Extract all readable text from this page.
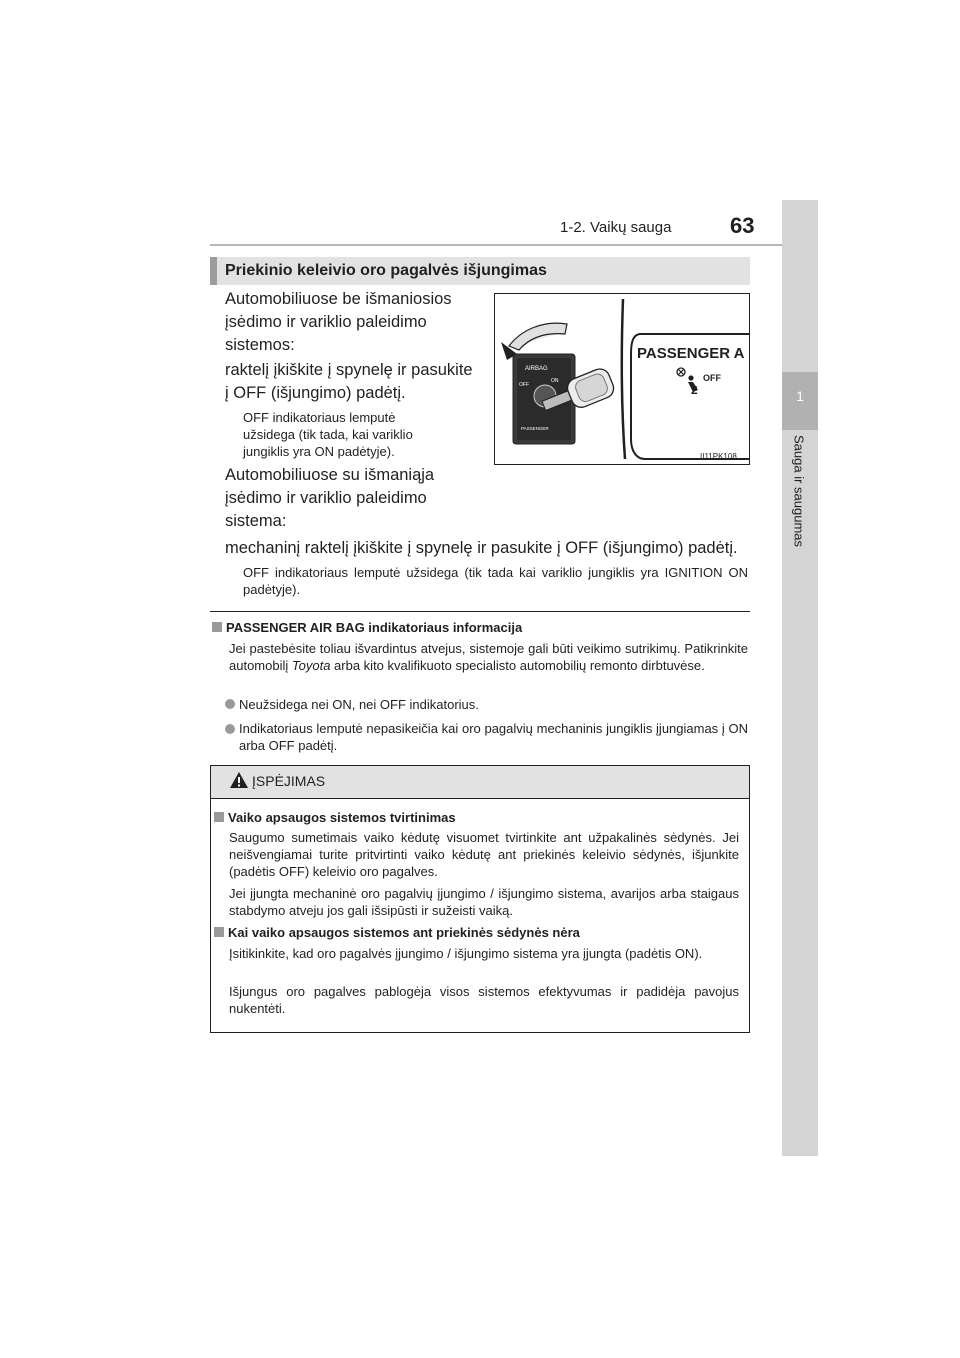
1-2. Vaikų sauga	63
1
Sauga ir saugumas
Priekinio keleivio oro pagalvės išjungimas
Automobiliuose be išmaniosios
įsėdimo ir variklio paleidimo
sistemos:
raktelį įkiškite į spynelę ir pasukite
į OFF (išjungimo) padėtį.
OFF indikatoriaus lemputė
užsidega (tik tada, kai variklio
jungiklis yra ON padėtyje).
Automobiliuose su išmaniąja
įsėdimo ir variklio paleidimo
sistema:
mechaninį raktelį įkiškite į spynelę ir pasukite į OFF (išjungimo) padėtį.
OFF indikatoriaus lemputė užsidega (tik tada kai variklio jungiklis yra IGNITION ON padėtyje).
AIRBAG
OFF
ON
PASSENGER
PASSENGER A
2
OFF
II11PK108
PASSENGER AIR BAG indikatoriaus informacija
Jei pastebėsite toliau išvardintus atvejus, sistemoje gali būti veikimo sutrikimų. Patikrinkite automobilį Toyota arba kito kvalifikuoto specialisto automobilių remonto dirbtuvėse.
Neužsidega nei ON, nei OFF indikatorius.
Indikatoriaus lemputė nepasikeičia kai oro pagalvių mechaninis jungiklis įjungiamas į ON arba OFF padėtį.
ĮSPĖJIMAS
Vaiko apsaugos sistemos tvirtinimas
Saugumo sumetimais vaiko kėdutę visuomet tvirtinkite ant užpakalinės sėdynės. Jei neišvengiamai turite pritvirtinti vaiko kėdutę ant priekinės keleivio sėdynės, išjunkite (padėtis OFF) keleivio oro pagalves.
Jei įjungta mechaninė oro pagalvių įjungimo / išjungimo sistema, avarijos arba staigaus stabdymo atveju jos gali išsipūsti ir sužeisti vaiką.
Kai vaiko apsaugos sistemos ant priekinės sėdynės nėra
Įsitikinkite, kad oro pagalvės įjungimo / išjungimo sistema yra įjungta (padėtis ON).
Išjungus oro pagalves pablogėja visos sistemos efektyvumas ir padidėja pavojus nukentėti.
